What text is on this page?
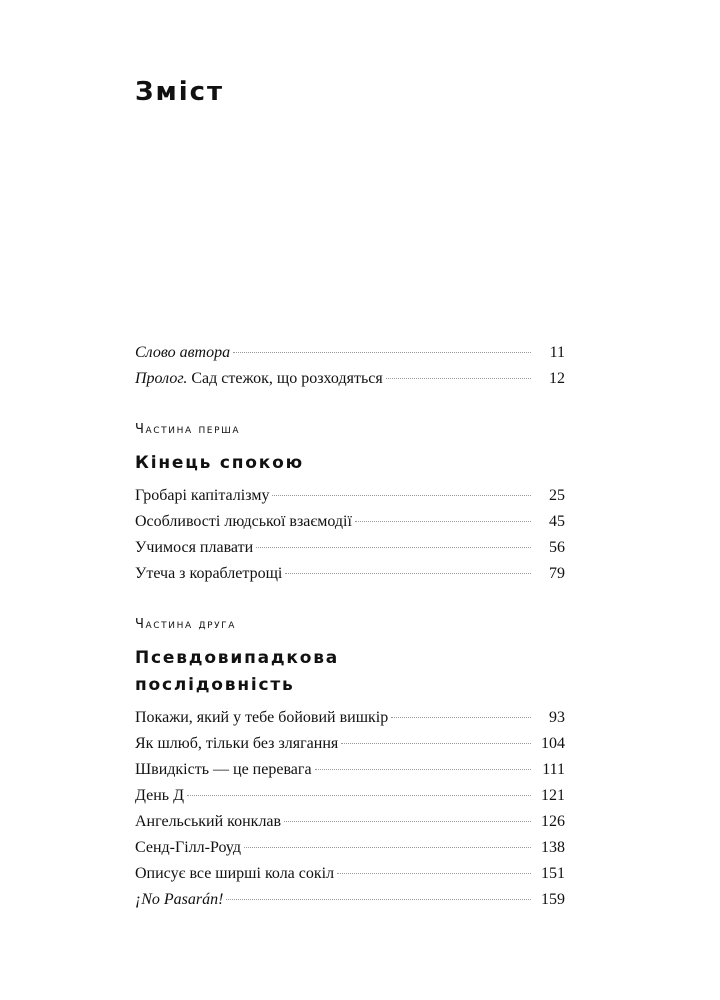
Зміст
Слово автора	11
Пролог. Сад стежок, що розходяться	12
Частина перша
Кінець спокою
Гробарі капіталізму	25
Особливості людської взаємодії	45
Учимося плавати	56
Утеча з кораблетрощі	79
Частина друга
Псевдовипадкова
послідовність
Покажи, який у тебе бойовий вишкір	93
Як шлюб, тільки без злягання	104
Швидкість — це перевага	111
День Д	121
Ангельський конклав	126
Сенд-Гілл-Роуд	138
Описує все ширші кола сокіл	151
¡No Pasarán!	159
